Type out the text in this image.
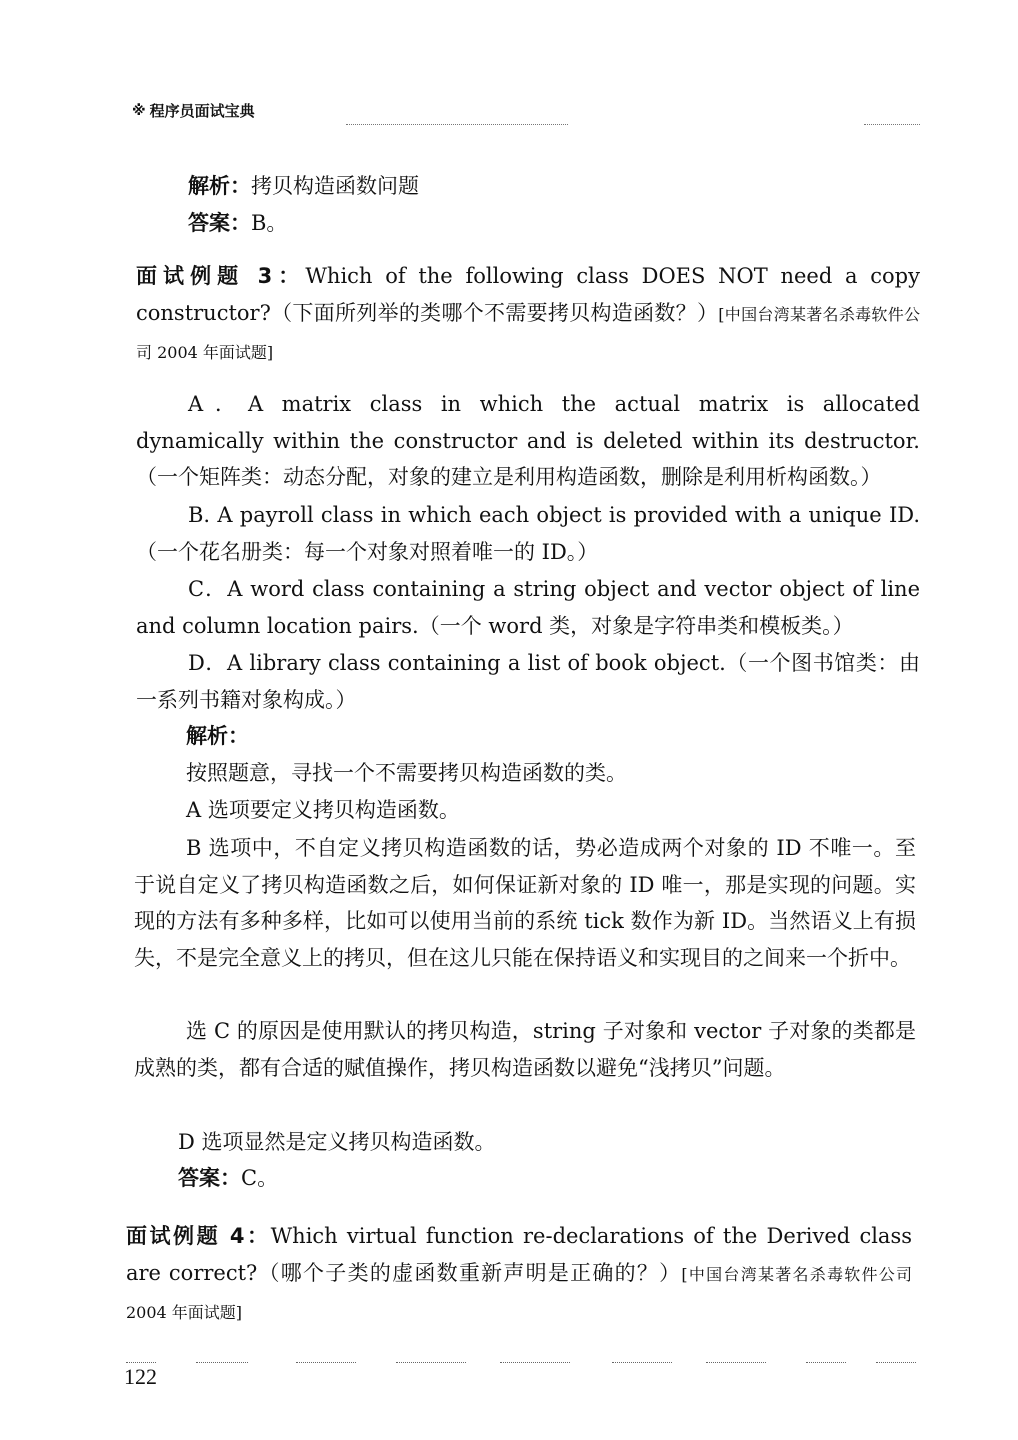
※ 程序员面试宝典

解析：拷贝构造函数问题

答案：B。

面试例题 3：Which of the following class DOES NOT need a copy constructor?（下面所列举的类哪个不需要拷贝构造函数？）[中国台湾某著名杀毒软件公司 2004 年面试题]

A．A matrix class in which the actual matrix is allocated dynamically within the constructor and is deleted within its destructor.（一个矩阵类：动态分配，对象的建立是利用构造函数，删除是利用析构函数。）

B. A payroll class in which each object is provided with a unique ID.（一个花名册类：每一个对象对照着唯一的 ID。）

C．A word class containing a string object and vector object of line and column location pairs.（一个 word 类，对象是字符串类和模板类。）

D．A library class containing a list of book object.（一个图书馆类：由一系列书籍对象构成。）

解析：

按照题意，寻找一个不需要拷贝构造函数的类。

A 选项要定义拷贝构造函数。

B 选项中，不自定义拷贝构造函数的话，势必造成两个对象的 ID 不唯一。至于说自定义了拷贝构造函数之后，如何保证新对象的 ID 唯一，那是实现的问题。实现的方法有多种多样，比如可以使用当前的系统 tick 数作为新 ID。当然语义上有损失，不是完全意义上的拷贝，但在这儿只能在保持语义和实现目的之间来一个折中。

选 C 的原因是使用默认的拷贝构造，string 子对象和 vector 子对象的类都是成熟的类，都有合适的赋值操作，拷贝构造函数以避免“浅拷贝”问题。

D 选项显然是定义拷贝构造函数。

答案：C。

面试例题 4：Which virtual function re-declarations of the Derived class are correct?（哪个子类的虚函数重新声明是正确的？）[中国台湾某著名杀毒软件公司 2004 年面试题]

122
